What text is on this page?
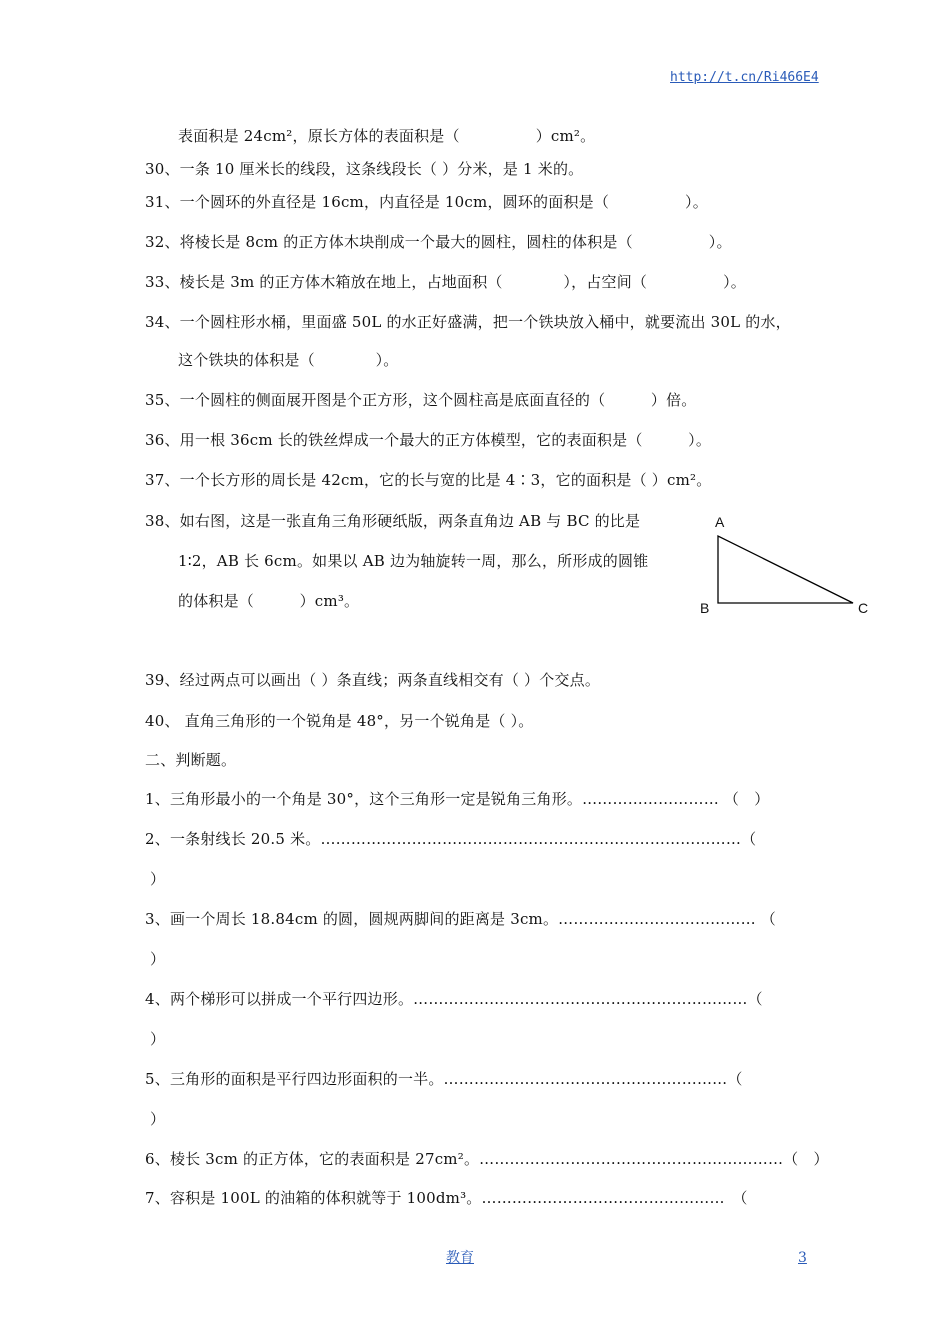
http://t.cn/Ri466E4
表面积是 24cm²，原长方体的表面积是（　　　　　）cm²。
30、一条 10 厘米长的线段，这条线段长（ ）分米，是 1 米的。
31、一个圆环的外直径是 16cm，内直径是 10cm，圆环的面积是（　　　　　）。
32、将棱长是 8cm 的正方体木块削成一个最大的圆柱，圆柱的体积是（　　　　　）。
33、棱长是 3m 的正方体木箱放在地上，占地面积（　　　　），占空间（　　　　　）。
34、一个圆柱形水桶，里面盛 50L 的水正好盛满，把一个铁块放入桶中，就要流出 30L 的水，
这个铁块的体积是（　　　　）。
35、一个圆柱的侧面展开图是个正方形，这个圆柱高是底面直径的（　　　）倍。
36、用一根 36cm 长的铁丝焊成一个最大的正方体模型，它的表面积是（　　　）。
37、一个长方形的周长是 42cm，它的长与宽的比是 4∶3，它的面积是（ ）cm²。
38、如右图，这是一张直角三角形硬纸版，两条直角边 AB 与 BC 的比是
1∶2，AB 长 6cm。如果以 AB 边为轴旋转一周，那么，所形成的圆锥
的体积是（　　　）cm³。
A
B	C
39、经过两点可以画出（ ）条直线；两条直线相交有（ ）个交点。
40、 直角三角形的一个锐角是 48°，另一个锐角是（ ）。
二、判断题。
1、三角形最小的一个角是 30°，这个三角形一定是锐角三角形。……………………… （　）
2、一条射线长 20.5 米。……………………………………………………‥…………………（
）
3、画一个周长 18.84cm 的圆，圆规两脚间的距离是 3cm。………………………………… （
）
4、两个梯形可以拼成一个平行四边形。…………………………………………………………（
）
5、三角形的面积是平行四边形面积的一半。……………………………‥…………………（
）
6、棱长 3cm 的正方体，它的表面积是 27cm²。……………………………………………………（　）
7、容积是 100L 的油箱的体积就等于 100dm³。…………………………………………　（
教育	3
